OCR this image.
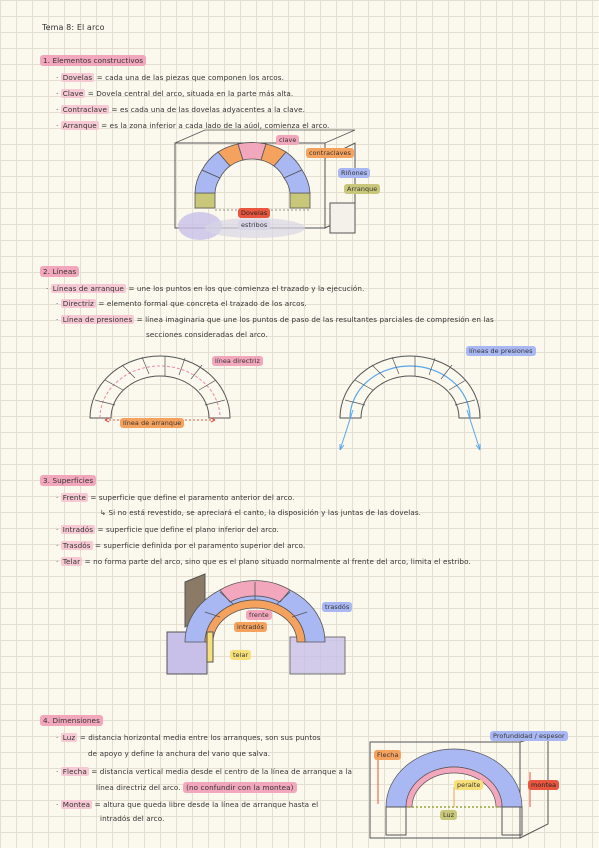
Tema 8: El arco
1. Elementos constructivos
· Dovelas = cada una de las piezas que componen los arcos.
· Clave = Dovela central del arco, situada en la parte más alta.
· Contraclave = es cada una de las dovelas adyacentes a la clave.
· Arranque = es la zona inferior a cada lado de la aúol, comienza el arco.
clave
contraclaves
Riñones
Arranque
Dovelas
estribos
2. Líneas
· Líneas de arranque = une los puntos en los que comienza el trazado y la ejecución.
· Directriz = elemento formal que concreta el trazado de los arcos.
· Línea de presiones = línea imaginaria que une los puntos de paso de las resultantes parciales de compresión en las
secciones consideradas del arco.
línea directriz
línea de arranque
líneas de presiones
3. Superficies
· Frente = superficie que define el paramento anterior del arco.
↳ Si no está revestido, se apreciará el canto, la disposición y las juntas de las dovelas.
· Intradós = superficie que define el plano inferior del arco.
· Trasdós = superficie definida por el paramento superior del arco.
· Telar = no forma parte del arco, sino que es el plano situado normalmente al frente del arco, limita el estribo.
trasdós
frente
intradós
telar
4. Dimensiones
· Luz = distancia horizontal media entre los arranques, son sus puntos
de apoyo y define la anchura del vano que salva.
· Flecha = distancia vertical media desde el centro de la línea de arranque a la
línea directriz del arco. (no confundir con la montea)
· Montea = altura que queda libre desde la línea de arranque hasta el
intradós del arco.
Profundidad / espesor
Flecha
peralte	montea
Luz
